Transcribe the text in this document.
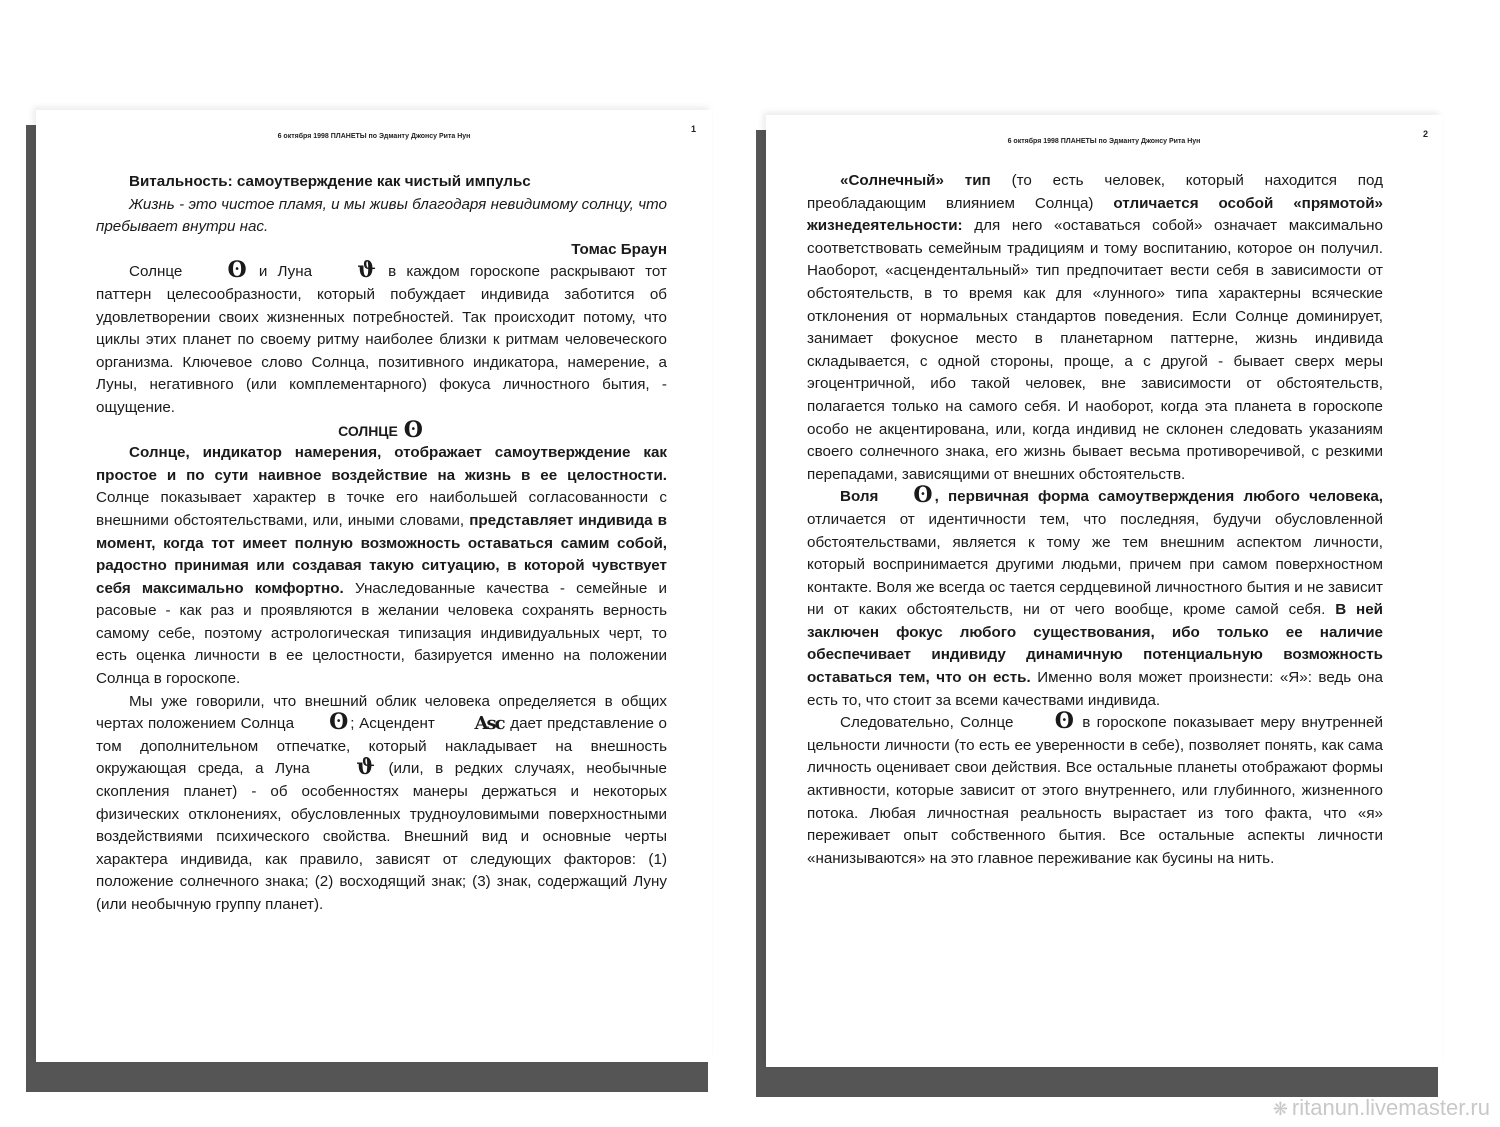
6 октября 1998 ПЛАНЕТЫ по Эдманту Джонсу Рита Нун
1

Витальность: самоутверждение как чистый импульс

Жизнь - это чистое пламя, и мы живы благодаря невидимому солнцу, что пребывает внутри нас.

Томас Браун

Солнце ʘ и Луна ϑ в каждом гороскопе раскрывают тот паттерн целесообразности, который побуждает индивида заботится об удовлетворении своих жизненных потребностей. Так происходит потому, что циклы этих планет по своему ритму наиболее близки к ритмам человеческого организма. Ключевое слово Солнца, позитивного индикатора, намерение, а Луны, негативного (или комплементарного) фокуса личностного бытия, - ощущение.

СОЛНЦЕ ʘ

Солнце, индикатор намерения, отображает самоутверждение как простое и по сути наивное воздействие на жизнь в ее целостности. Солнце показывает характер в точке его наибольшей согласованности с внешними обстоятельствами, или, иными словами, представляет индивида в момент, когда тот имеет полную возможность оставаться самим собой, радостно принимая или создавая такую ситуацию, в которой чувствует себя максимально комфортно. Унаследованные качества - семейные и расовые - как раз и проявляются в желании человека сохранять верность самому себе, поэтому астрологическая типизация индивидуальных черт, то есть оценка личности в ее целостности, базируется именно на положении Солнца в гороскопе.

Мы уже говорили, что внешний облик человека определяется в общих чертах положением Солнца ʘ ; Асцендент Asc дает представление о том дополнительном отпечатке, который накладывает на внешность окружающая среда, а Луна ϑ (или, в редких случаях, необычные скопления планет) - об особенностях манеры держаться и некоторых физических отклонениях, обусловленных трудноуловимыми поверхностными воздействиями психического свойства. Внешний вид и основные черты характера индивида, как правило, зависят от следующих факторов: (1) положение солнечного знака; (2) восходящий знак; (3) знак, содержащий Луну (или необычную группу планет).

6 октября 1998 ПЛАНЕТЫ по Эдманту Джонсу Рита Нун
2

«Солнечный» тип (то есть человек, который находится под преобладающим влиянием Солнца) отличается особой «прямотой» жизнедеятельности: для него «оставаться собой» означает максимально соответствовать семейным традициям и тому воспитанию, которое он получил. Наоборот, «асцендентальный» тип предпочитает вести себя в зависимости от обстоятельств, в то время как для «лунного» типа характерны всяческие отклонения от нормальных стандартов поведения. Если Солнце доминирует, занимает фокусное место в планетарном паттерне, жизнь индивида складывается, с одной стороны, проще, а с другой - бывает сверх меры эгоцентричной, ибо такой человек, вне зависимости от обстоятельств, полагается только на самого себя. И наоборот, когда эта планета в гороскопе особо не акцентирована, или, когда индивид не склонен следовать указаниям своего солнечного знака, его жизнь бывает весьма противоречивой, с резкими перепадами, зависящими от внешних обстоятельств.

Воля ʘ , первичная форма самоутверждения любого человека, отличается от идентичности тем, что последняя, будучи обусловленной обстоятельствами, является к тому же тем внешним аспектом личности, который воспринимается другими людьми, причем при самом поверхностном контакте. Воля же всегда ос тается сердцевиной личностного бытия и не зависит ни от каких обстоятельств, ни от чего вообще, кроме самой себя. В ней заключен фокус любого существования, ибо только ее наличие обеспечивает индивиду динамичную потенциальную возможность оставаться тем, что он есть. Именно воля может произнести: «Я»: ведь она есть то, что стоит за всеми качествами индивида.

Следовательно, Солнце ʘ в гороскопе показывает меру внутренней цельности личности (то есть ее уверенности в себе), позволяет понять, как сама личность оценивает свои действия. Все остальные планеты отображают формы активности, которые зависит от этого внутреннего, или глубинного, жизненного потока. Любая личностная реальность вырастает из того факта, что «я» переживает опыт собственного бытия. Все остальные аспекты личности «нанизываются» на это главное переживание как бусины на нить.

❋ ritanun.livemaster.ru
